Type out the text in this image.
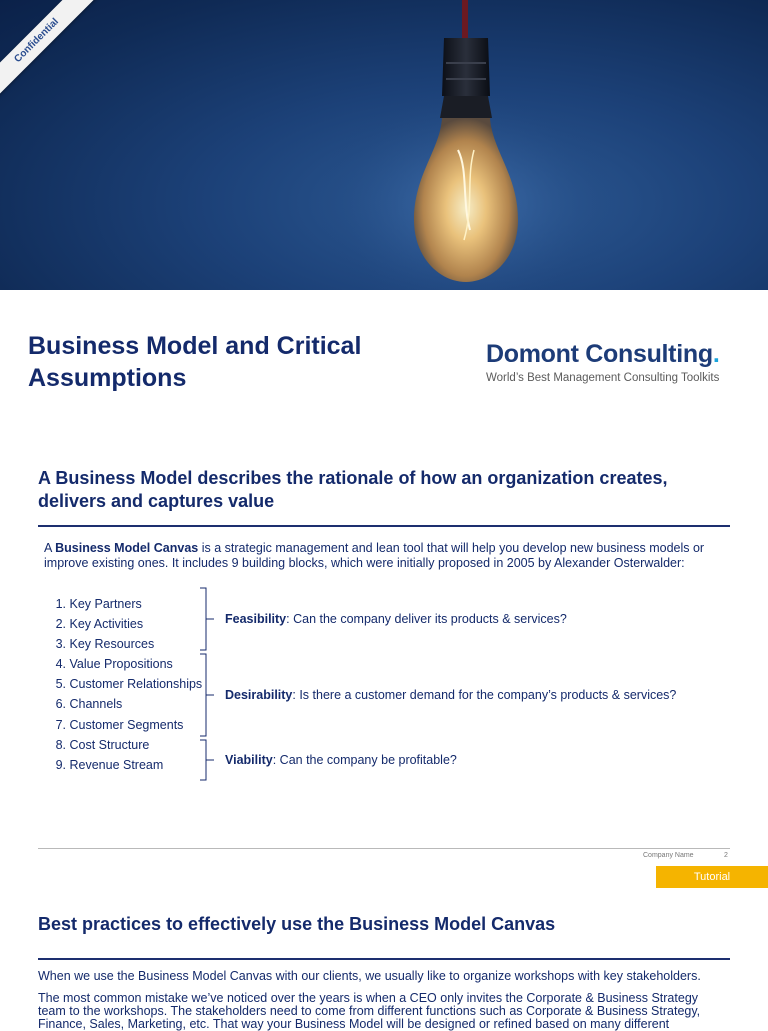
Confidential
Business Model and Critical Assumptions
Domont Consulting.
World’s Best Management Consulting Toolkits
A Business Model describes the rationale of how an organization creates, delivers and captures value
A Business Model Canvas is a strategic management and lean tool that will help you develop new business models or improve existing ones. It includes 9 building blocks, which were initially proposed in 2005 by Alexander Osterwalder:
1. Key Partners
2. Key Activities
3. Key Resources
4. Value Propositions
5. Customer Relationships
6. Channels
7. Customer Segments
8. Cost Structure
9. Revenue Stream
Feasibility: Can the company deliver its products & services?
Desirability: Is there a customer demand for the company’s products & services?
Viability: Can the company be profitable?
Company Name	2
Tutorial
Best practices to effectively use the Business Model Canvas
When we use the Business Model Canvas with our clients, we usually like to organize workshops with key stakeholders.
The most common mistake we’ve noticed over the years is when a CEO only invites the Corporate & Business Strategy team to the workshops. The stakeholders need to come from different functions such as Corporate & Business Strategy, Finance, Sales, Marketing, etc. That way your Business Model will be designed or refined based on many different
